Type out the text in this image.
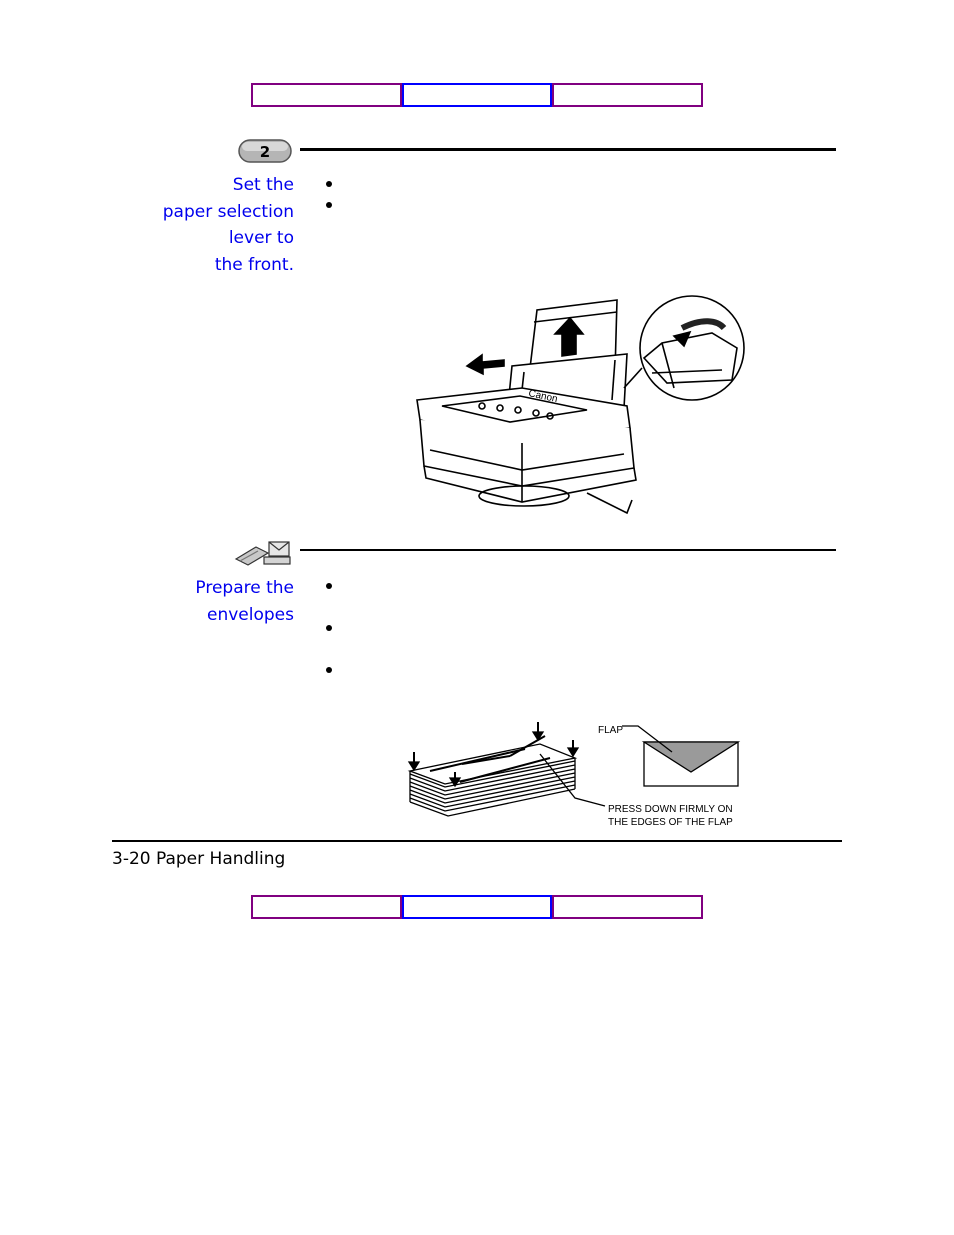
2
Set the
paper selection
lever to
the front.
Canon
Prepare the
envelopes
FLAP
PRESS DOWN FIRMLY ON
THE EDGES OF THE FLAP
3-20 Paper Handling
